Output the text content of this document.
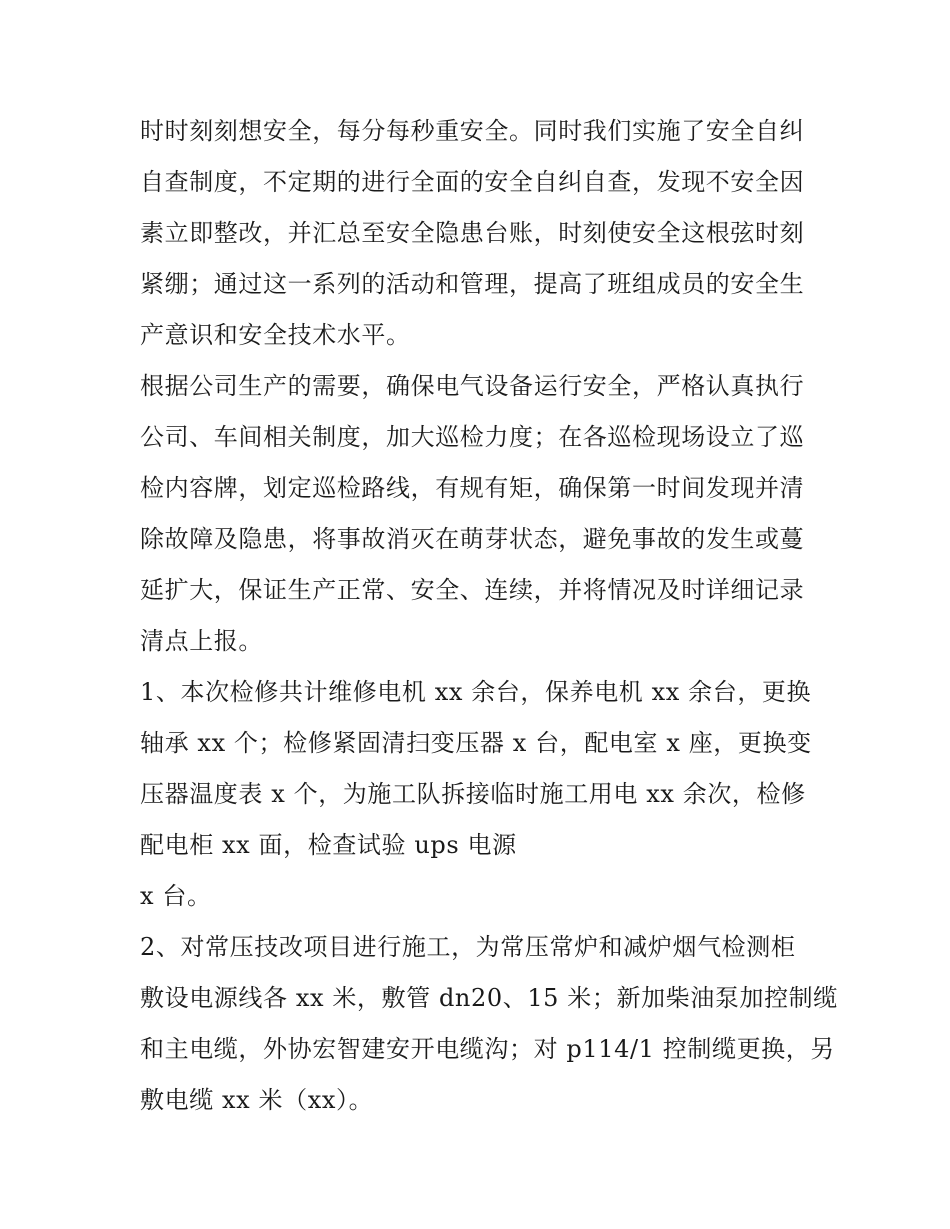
时时刻刻想安全，每分每秒重安全。同时我们实施了安全自纠
自查制度，不定期的进行全面的安全自纠自查，发现不安全因
素立即整改，并汇总至安全隐患台账，时刻使安全这根弦时刻
紧绷；通过这一系列的活动和管理，提高了班组成员的安全生
产意识和安全技术水平。
根据公司生产的需要，确保电气设备运行安全，严格认真执行
公司、车间相关制度，加大巡检力度；在各巡检现场设立了巡
检内容牌，划定巡检路线，有规有矩，确保第一时间发现并清
除故障及隐患，将事故消灭在萌芽状态，避免事故的发生或蔓
延扩大，保证生产正常、安全、连续，并将情况及时详细记录
清点上报。
1、本次检修共计维修电机 xx 余台，保养电机 xx 余台，更换
轴承 xx 个；检修紧固清扫变压器 x 台，配电室 x 座，更换变
压器温度表 x 个，为施工队拆接临时施工用电 xx 余次，检修
配电柜 xx 面，检查试验 ups 电源
x 台。
2、对常压技改项目进行施工，为常压常炉和减炉烟气检测柜
敷设电源线各 xx 米，敷管 dn20、15 米；新加柴油泵加控制缆
和主电缆，外协宏智建安开电缆沟；对 p114/1 控制缆更换，另
敷电缆 xx 米（xx）。
